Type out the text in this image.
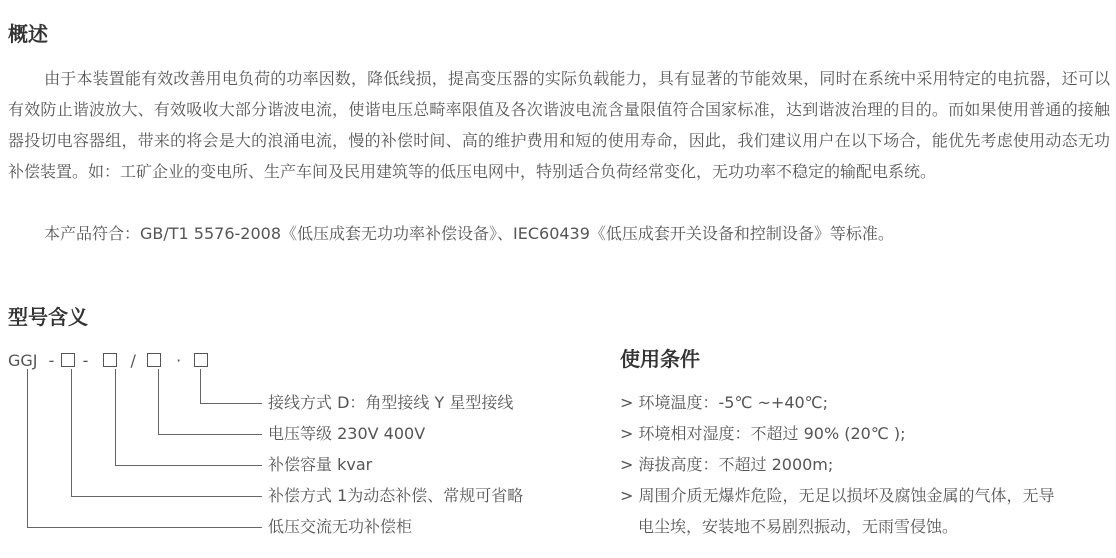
概述

由于本装置能有效改善用电负荷的功率因数，降低线损，提高变压器的实际负载能力，具有显著的节能效果，同时在系统中采用特定的电抗器，还可以有效防止谐波放大、有效吸收大部分谐波电流，使谐电压总畸率限值及各次谐波电流含量限值符合国家标准，达到谐波治理的目的。而如果使用普通的接触器投切电容器组，带来的将会是大的浪涌电流，慢的补偿时间、高的维护费用和短的使用寿命，因此，我们建议用户在以下场合，能优先考虑使用动态无功补偿装置。如：工矿企业的变电所、生产车间及民用建筑等的低压电网中，特别适合负荷经常变化，无功功率不稳定的输配电系统。

本产品符合：GB/T1 5576-2008《低压成套无功功率补偿设备》、IEC60439《低压成套开关设备和控制设备》等标准。

型号含义
GGJ - -	/	·
接线方式 D：角型接线 Y 星型接线
电压等级 230V 400V
补偿容量 kvar
补偿方式 1为动态补偿、常规可省略
低压交流无功补偿柜
使用条件
> 环境温度：-5℃ ~+40℃;
> 环境相对湿度：不超过 90% (20℃ );
> 海拔高度：不超过 2000m;
> 周围介质无爆炸危险，无足以损坏及腐蚀金属的气体，无导
电尘埃，安装地不易剧烈振动，无雨雪侵蚀。
